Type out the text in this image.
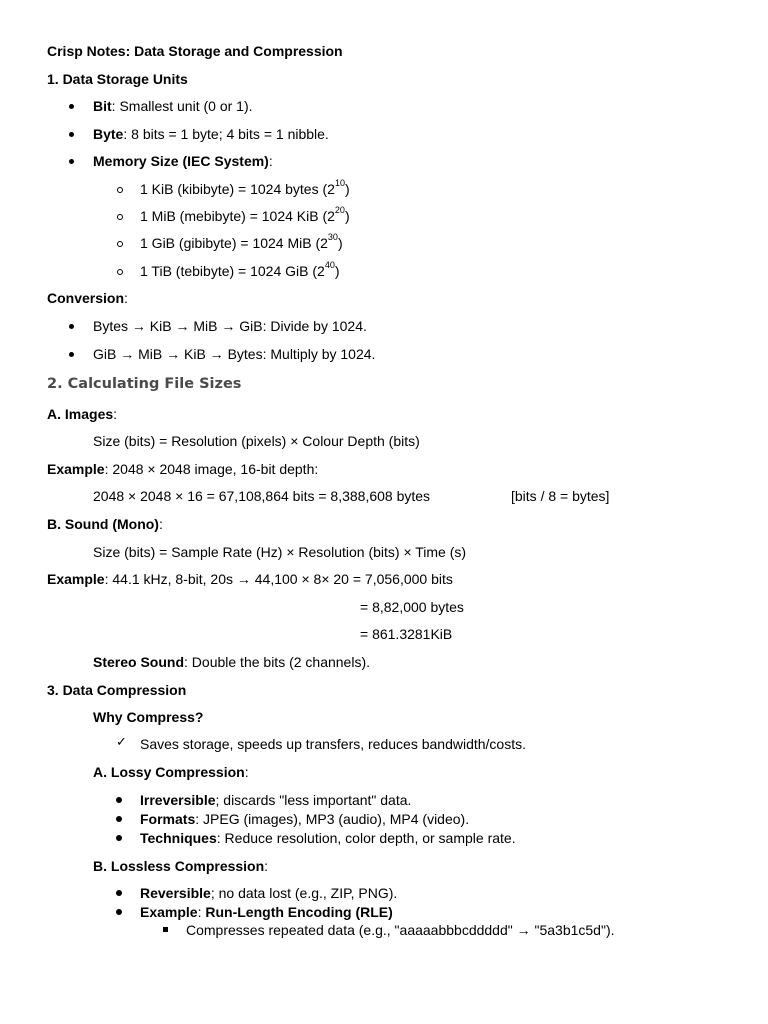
Crisp Notes: Data Storage and Compression
1. Data Storage Units
Bit: Smallest unit (0 or 1).
Byte: 8 bits = 1 byte; 4 bits = 1 nibble.
Memory Size (IEC System):
1 KiB (kibibyte) = 1024 bytes $(2^{10})$
1 MiB (mebibyte) = 1024 KiB $(2^{20})$
1 GiB (gibibyte) = 1024 MiB $(2^{30})$
1 TiB (tebibyte) = 1024 GiB $(2^{40})$
Conversion:
Bytes → KiB → MiB → GiB: Divide by 1024.
GiB → MiB → KiB → Bytes: Multiply by 1024.
2. Calculating File Sizes
A. Images:
Size (bits) = Resolution (pixels) × Colour Depth (bits)
Example: 2048 × 2048 image, 16-bit depth:
2048 × 2048 × 16 = 67,108,864 bits = 8,388,608 bytes	[bits / 8 = bytes]
B. Sound (Mono):
Size (bits) = Sample Rate (Hz) × Resolution (bits) × Time (s)
Example: 44.1 kHz, 8-bit, 20s → 44,100 × 8× 20 = 7,056,000 bits
= 8,82,000 bytes
= 861.3281KiB
Stereo Sound: Double the bits (2 channels).
3. Data Compression
Why Compress?
✓ Saves storage, speeds up transfers, reduces bandwidth/costs.
A. Lossy Compression:
Irreversible; discards "less important" data.
Formats: JPEG (images), MP3 (audio), MP4 (video).
Techniques: Reduce resolution, color depth, or sample rate.
B. Lossless Compression:
Reversible; no data lost (e.g., ZIP, PNG).
Example: Run-Length Encoding (RLE)
Compresses repeated data (e.g., "aaaaabbbcddddd" → "5a3b1c5d").
